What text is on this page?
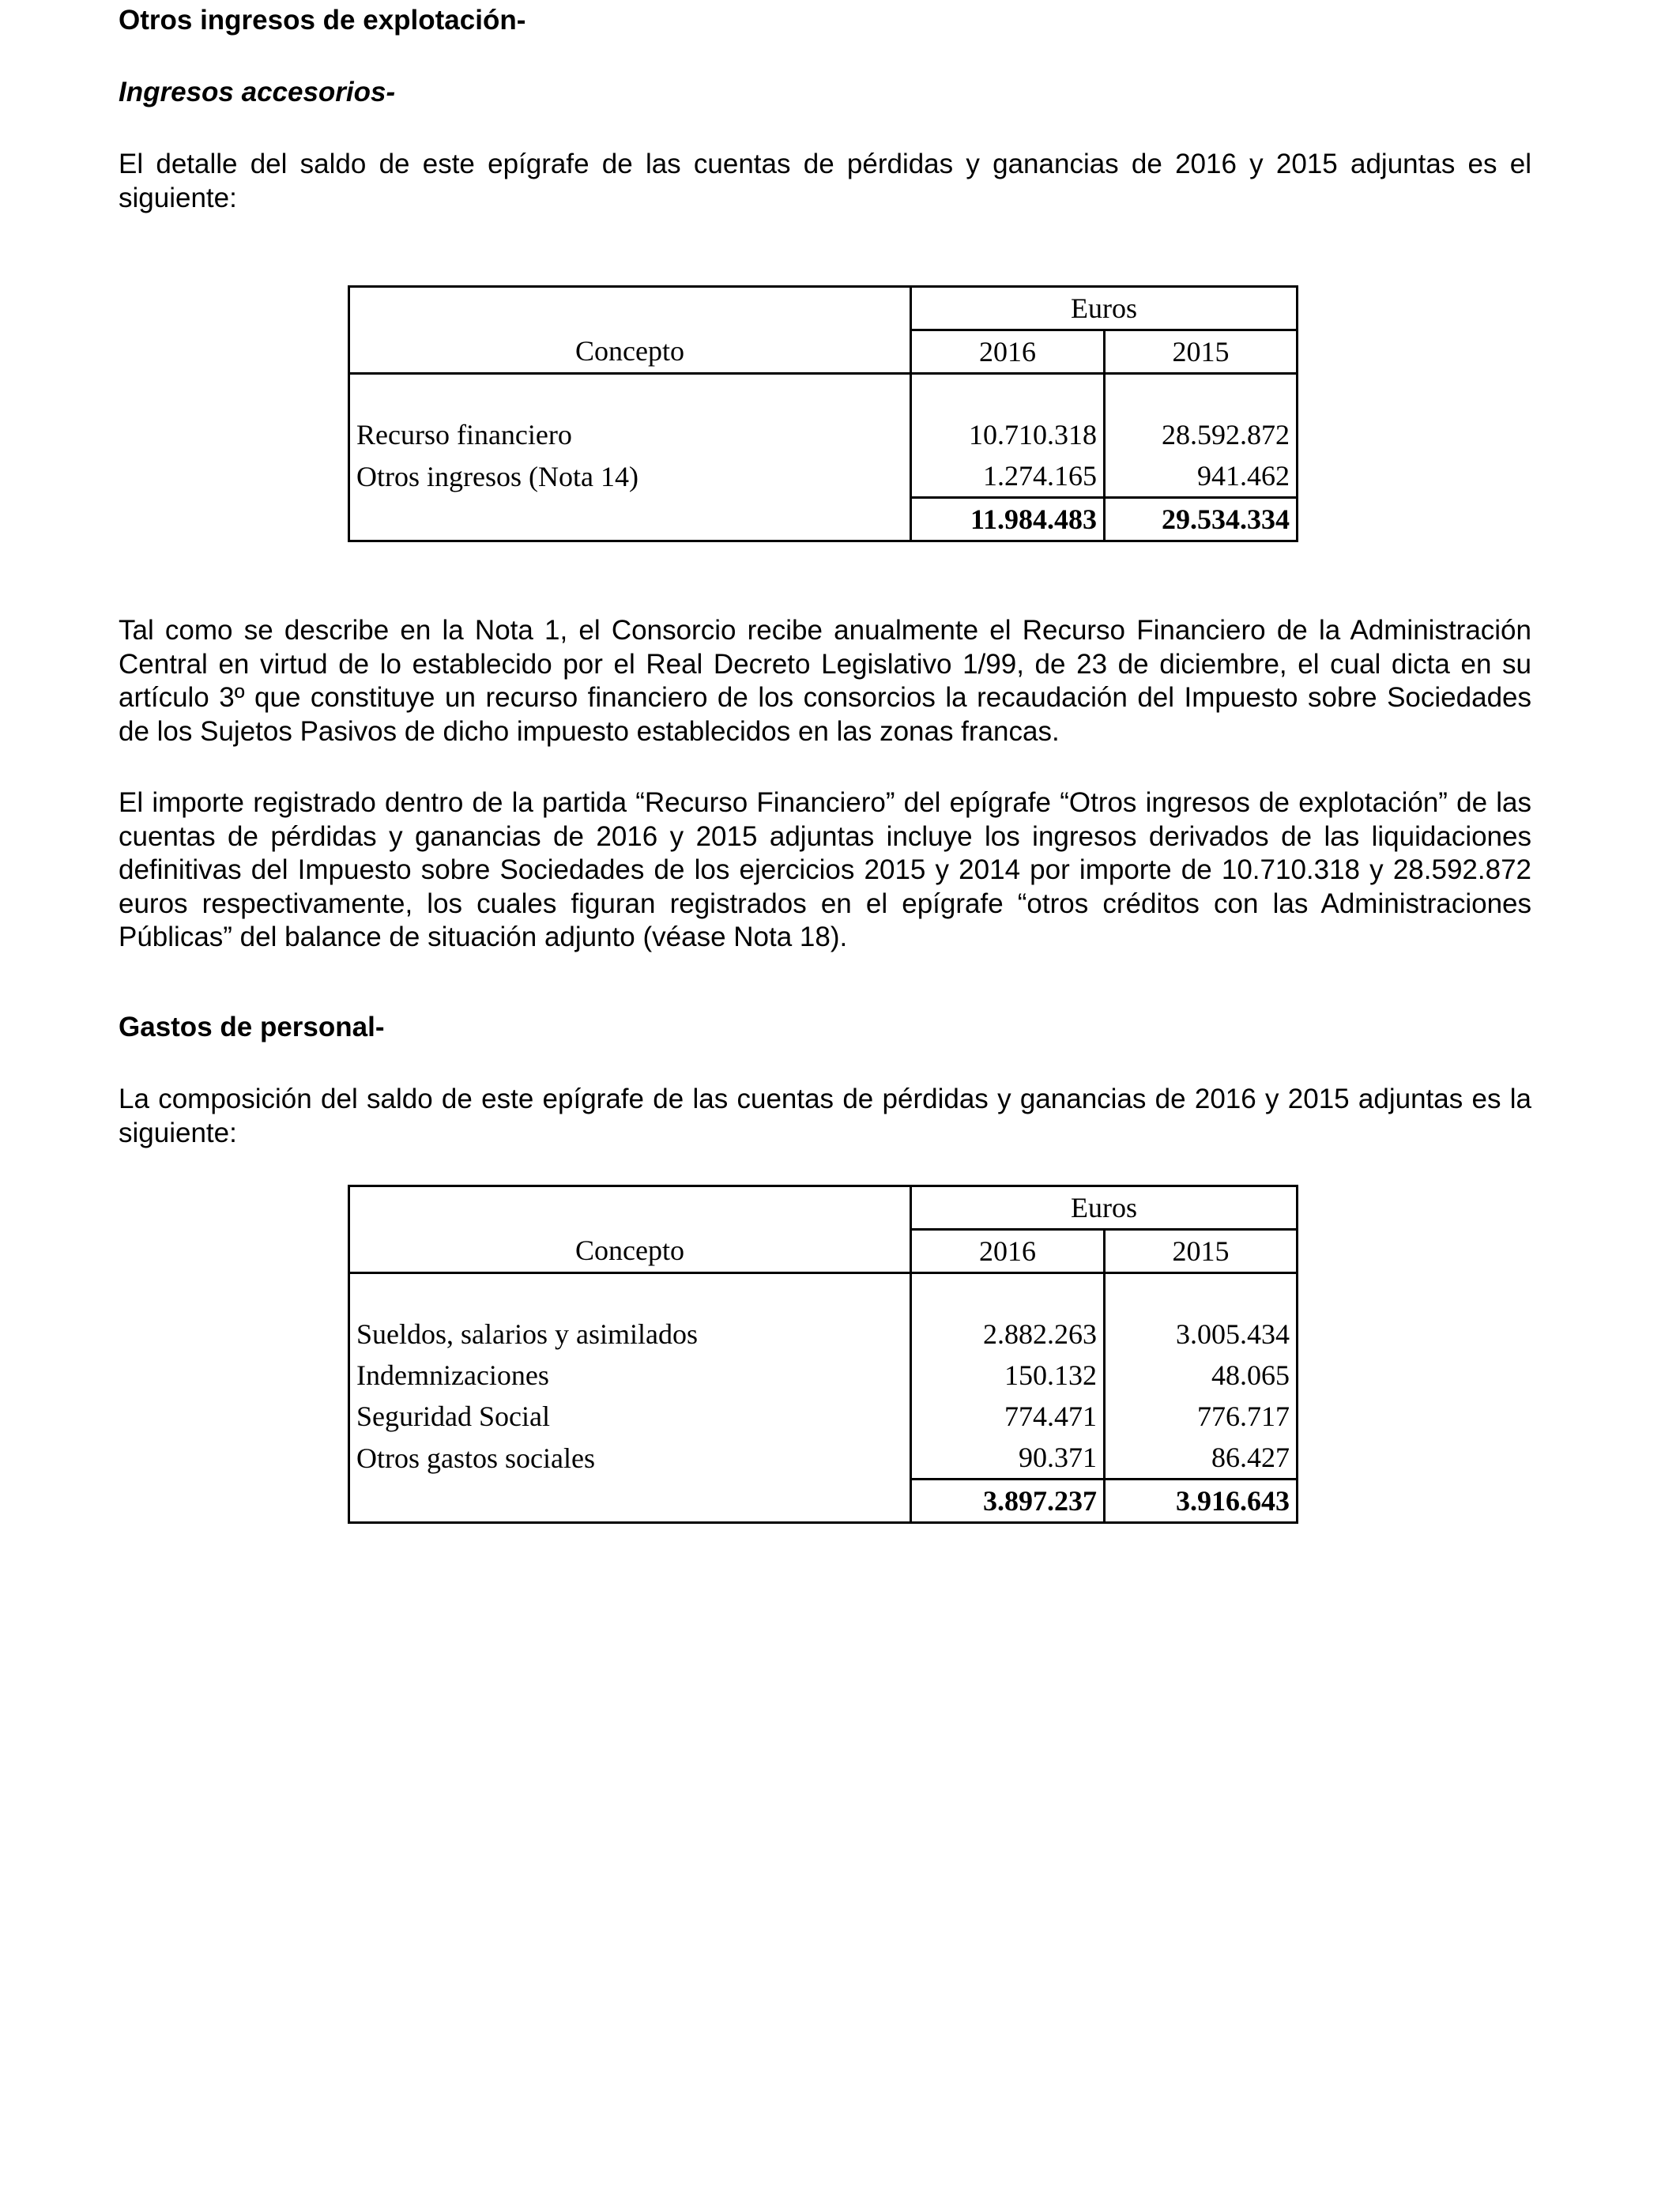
Otros ingresos de explotación-
Ingresos accesorios-

El detalle del saldo de este epígrafe de las cuentas de pérdidas y ganancias de 2016 y 2015 adjuntas es el siguiente:

	Euros	
Concepto	2016	2015

Recurso financiero	10.710.318	28.592.872
Otros ingresos (Nota 14)	1.274.165	941.462
	11.984.483	29.534.334

Tal como se describe en la Nota 1, el Consorcio recibe anualmente el Recurso Financiero de la Administración Central en virtud de lo establecido por el Real Decreto Legislativo 1/99, de 23 de diciembre, el cual dicta en su artículo 3º que constituye un recurso financiero de los consorcios la recaudación del Impuesto sobre Sociedades de los Sujetos Pasivos de dicho impuesto establecidos en las zonas francas.

El importe registrado dentro de la partida “Recurso Financiero” del epígrafe “Otros ingresos de explotación” de las cuentas de pérdidas y ganancias de 2016 y 2015 adjuntas incluye los ingresos derivados de las liquidaciones definitivas del Impuesto sobre Sociedades de los ejercicios 2015 y 2014 por importe de 10.710.318 y 28.592.872 euros respectivamente, los cuales figuran registrados en el epígrafe “otros créditos con las Administraciones Públicas” del balance de situación adjunto (véase Nota 18).

Gastos de personal-

La composición del saldo de este epígrafe de las cuentas de pérdidas y ganancias de 2016 y 2015 adjuntas es la siguiente:

	Euros	
Concepto	2016	2015

Sueldos, salarios y asimilados	2.882.263	3.005.434
Indemnizaciones	150.132	48.065
Seguridad Social	774.471	776.717
Otros gastos sociales	90.371	86.427
	3.897.237	3.916.643
